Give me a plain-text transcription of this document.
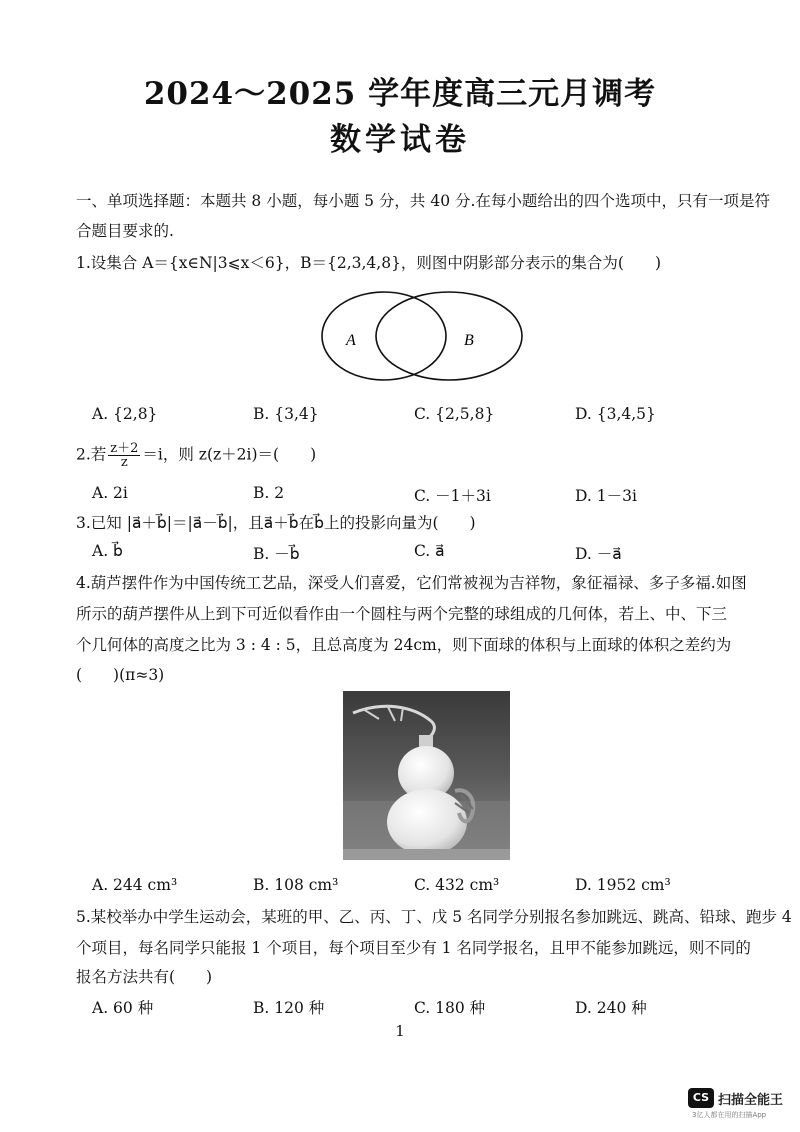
2024～2025 学年度高三元月调考
数学试卷
一、单项选择题：本题共 8 小题，每小题 5 分，共 40 分.在每小题给出的四个选项中，只有一项是符
合题目要求的.
1.设集合 A＝{x∈N|3⩽x＜6}，B＝{2,3,4,8}，则图中阴影部分表示的集合为(　　)
A	B
A. {2,8}	B. {3,4}	C. {2,5,8}	D. {3,4,5}
2.若 $\frac{z+2}{z} =i$，则 z(z＋2i)＝(　　)
A. 2i	B. 2	C. －1＋3i	D. 1－3i
3.已知 |a⃗＋b⃗|＝|a⃗－b⃗|，且a⃗＋b⃗在b⃗上的投影向量为(　　)
A. b⃗	B. －b⃗	C. a⃗	D. －a⃗
4.葫芦摆件作为中国传统工艺品，深受人们喜爱，它们常被视为吉祥物，象征福禄、多子多福.如图
所示的葫芦摆件从上到下可近似看作由一个圆柱与两个完整的球组成的几何体，若上、中、下三
个几何体的高度之比为 3 : 4 : 5，且总高度为 24cm，则下面球的体积与上面球的体积之差约为
(　　)(π≈3)
A. 244 cm³	B. 108 cm³	C. 432 cm³	D. 1952 cm³
5.某校举办中学生运动会，某班的甲、乙、丙、丁、戊 5 名同学分别报名参加跳远、跳高、铅球、跑步 4
个项目，每名同学只能报 1 个项目，每个项目至少有 1 名同学报名，且甲不能参加跳远，则不同的
报名方法共有(　　)
A. 60 种	B. 120 种	C. 180 种	D. 240 种
1
CS 扫描全能王
3亿人都在用的扫描App
